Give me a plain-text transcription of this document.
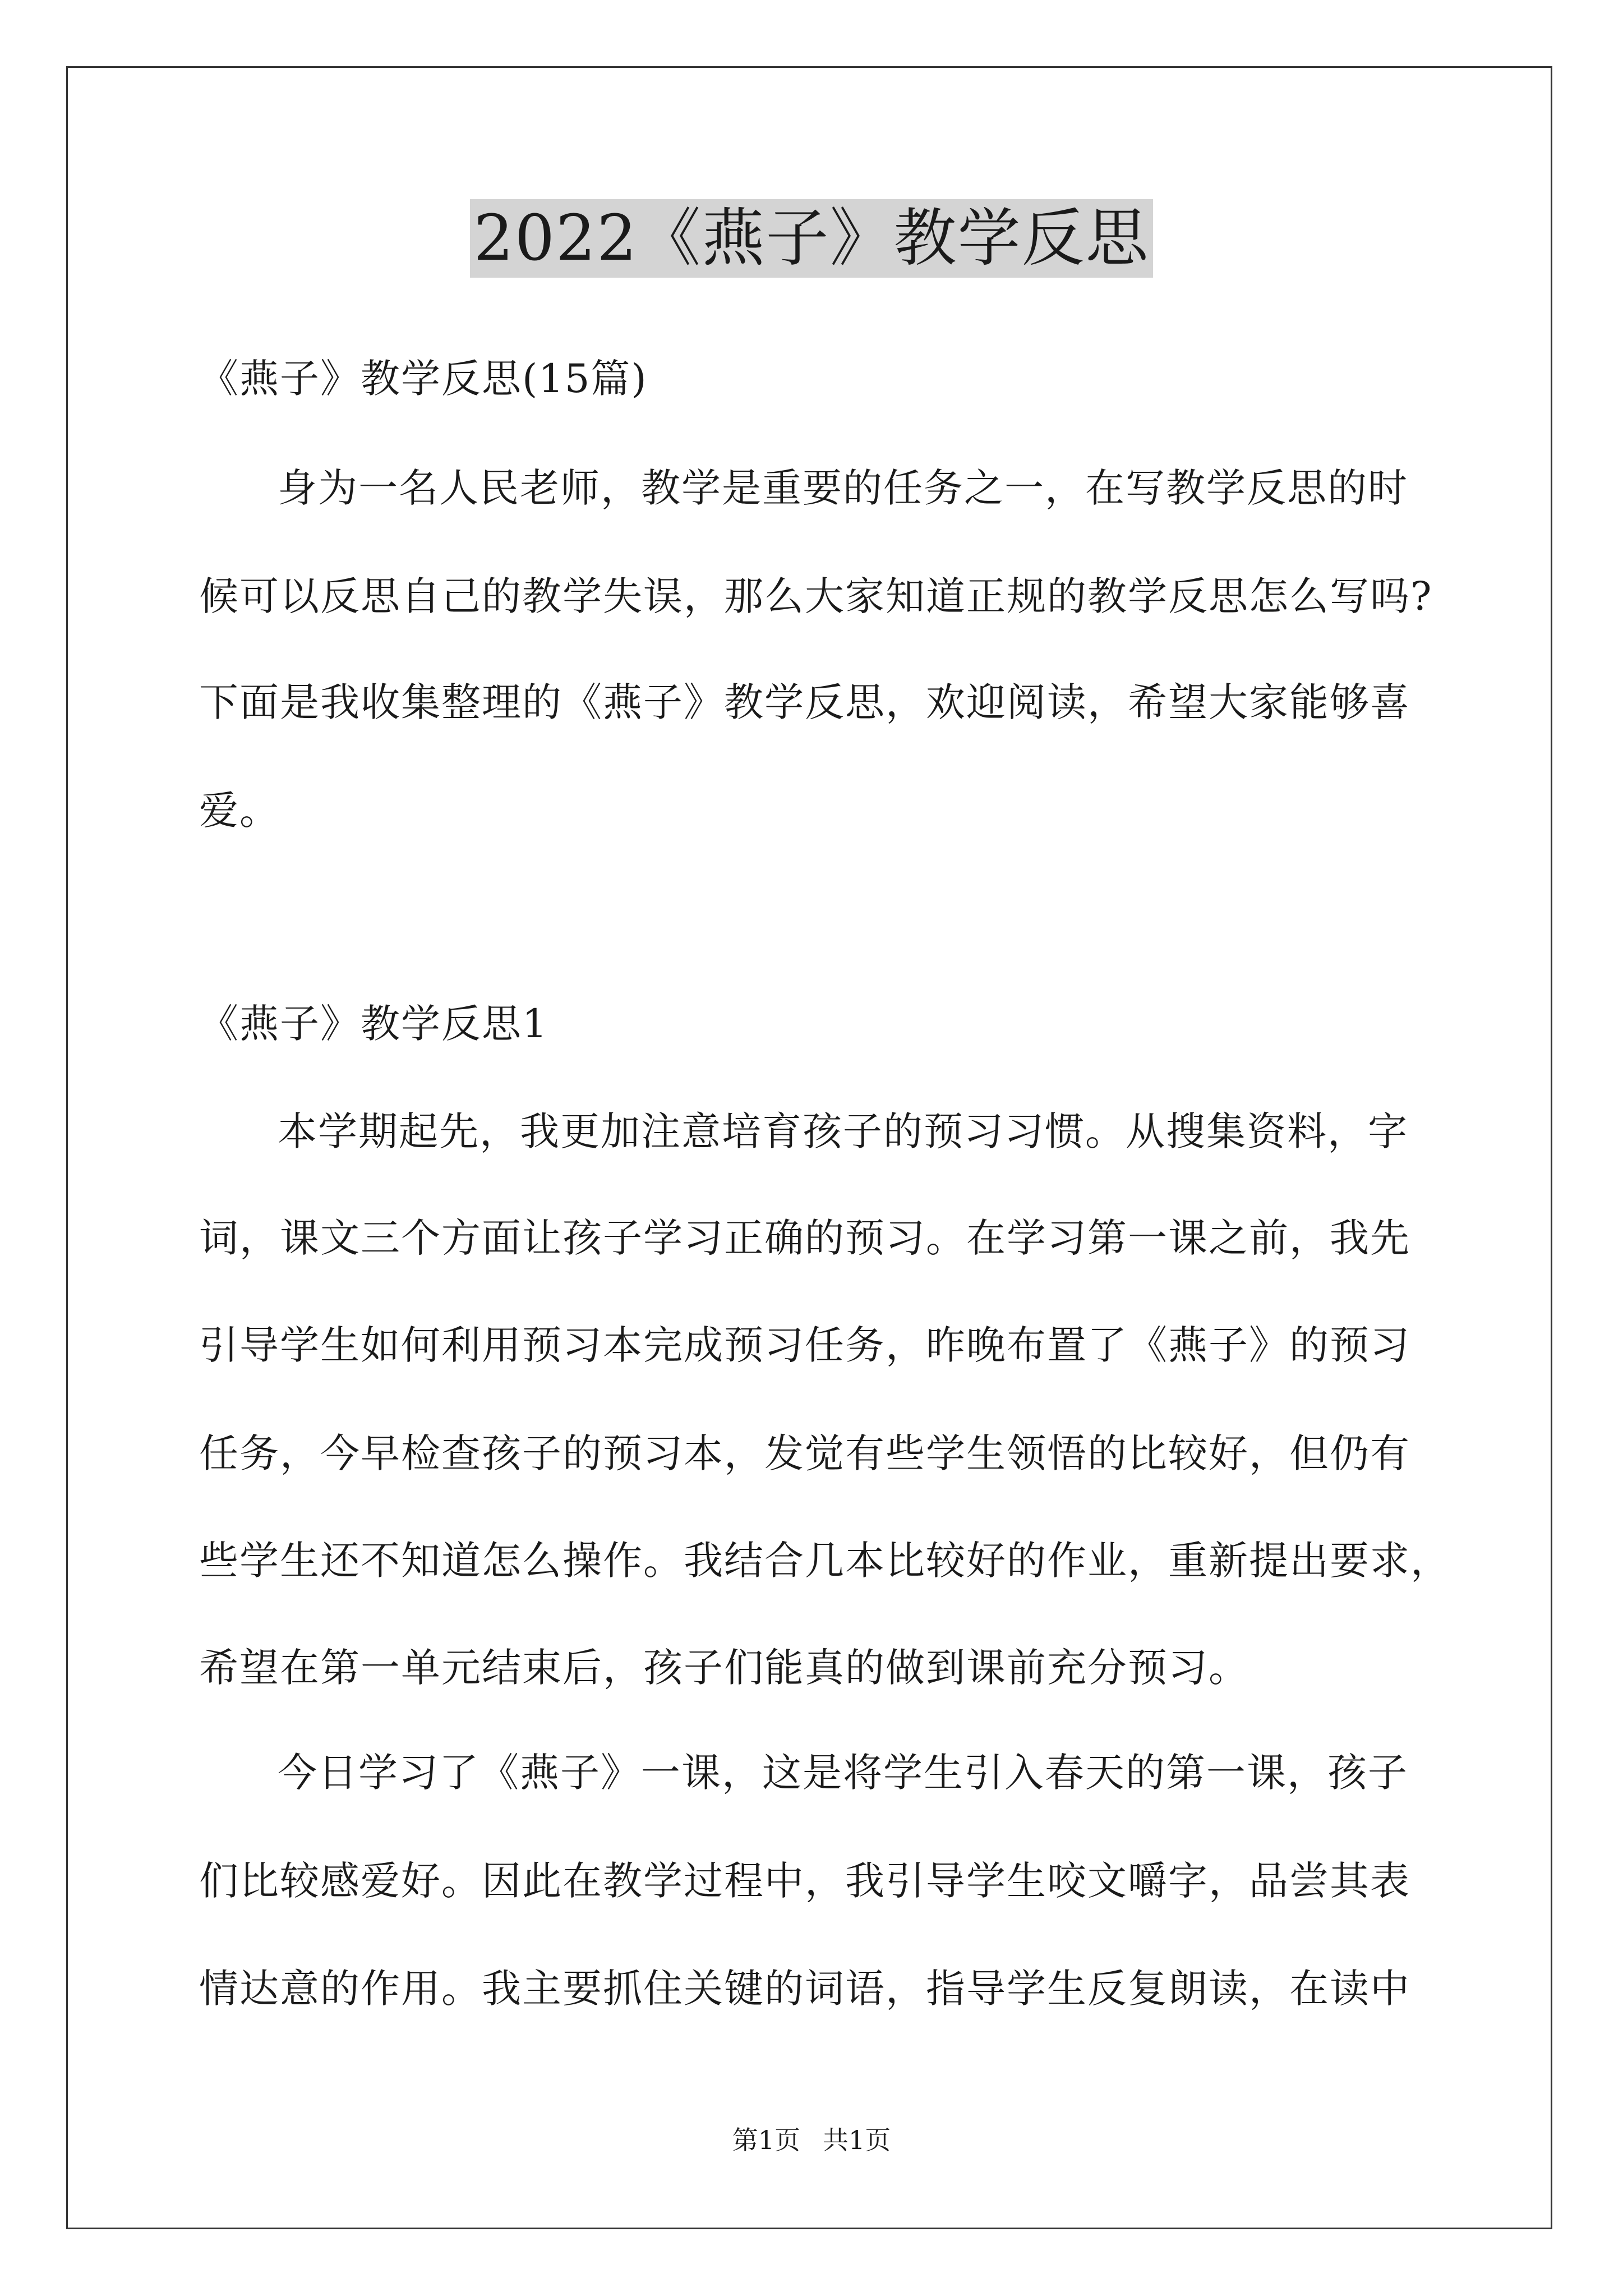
2022《燕子》教学反思
《燕子》教学反思(15篇)
身为一名人民老师，教学是重要的任务之一，在写教学反思的时
候可以反思自己的教学失误，那么大家知道正规的教学反思怎么写吗?
下面是我收集整理的《燕子》教学反思，欢迎阅读，希望大家能够喜
爱。
《燕子》教学反思1
本学期起先，我更加注意培育孩子的预习习惯。从搜集资料，字
词，课文三个方面让孩子学习正确的预习。在学习第一课之前，我先
引导学生如何利用预习本完成预习任务，昨晚布置了《燕子》的预习
任务，今早检查孩子的预习本，发觉有些学生领悟的比较好，但仍有
些学生还不知道怎么操作。我结合几本比较好的作业，重新提出要求，
希望在第一单元结束后，孩子们能真的做到课前充分预习。
今日学习了《燕子》一课，这是将学生引入春天的第一课，孩子
们比较感爱好。因此在教学过程中，我引导学生咬文嚼字，品尝其表
情达意的作用。我主要抓住关键的词语，指导学生反复朗读，在读中
第1页 共1页
